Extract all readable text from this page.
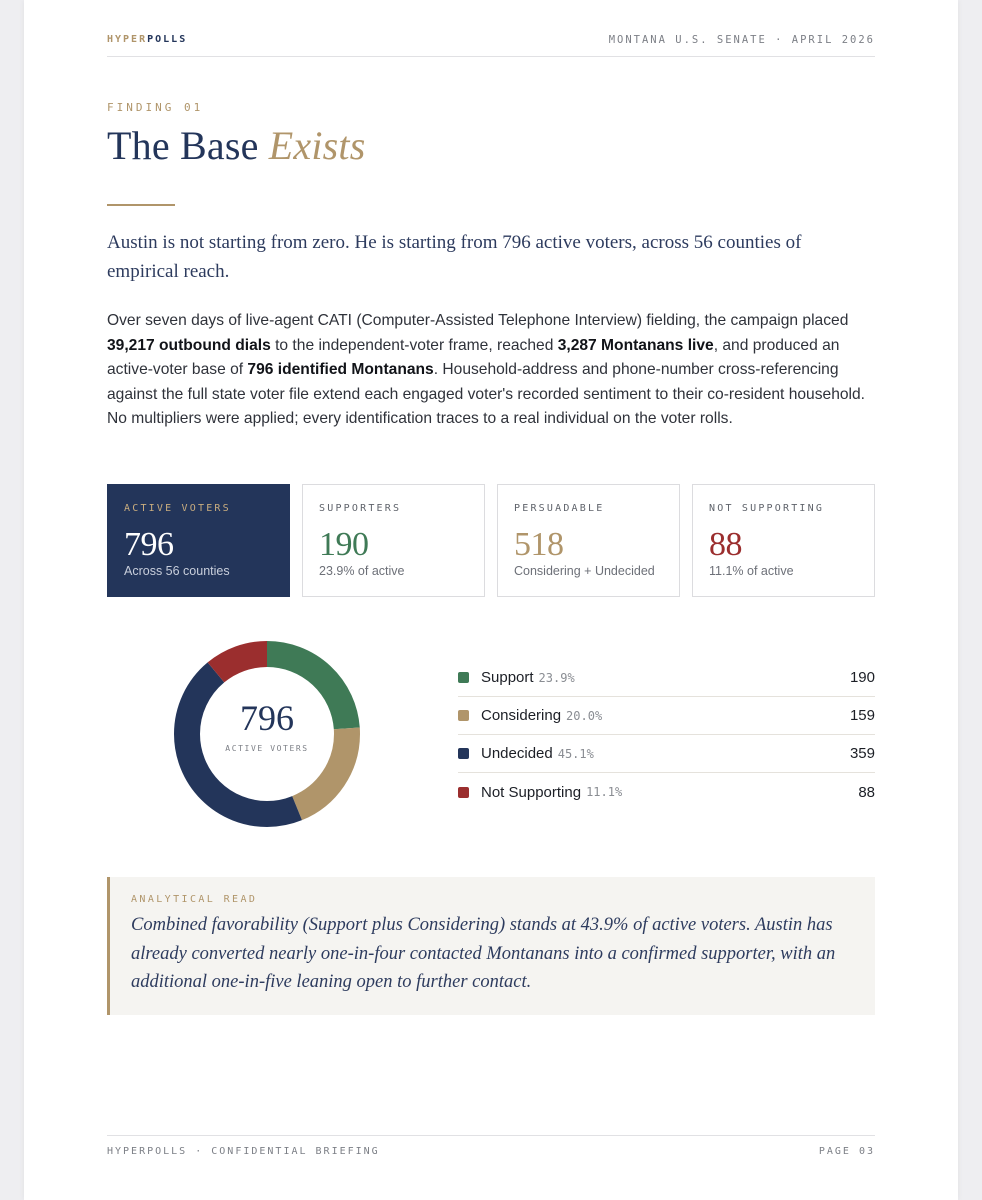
HYPERPOLLS	MONTANA U.S. SENATE · APRIL 2026
FINDING 01
The Base Exists

Austin is not starting from zero. He is starting from 796 active voters, across 56 counties of empirical reach.

Over seven days of live-agent CATI (Computer-Assisted Telephone Interview) fielding, the campaign placed 39,217 outbound dials to the independent-voter frame, reached 3,287 Montanans live, and produced an active-voter base of 796 identified Montanans. Household-address and phone-number cross-referencing against the full state voter file extend each engaged voter's recorded sentiment to their co-resident household. No multipliers were applied; every identification traces to a real individual on the voter rolls.

ACTIVE VOTERS
796
Across 56 counties
SUPPORTERS
190
23.9% of active
PERSUADABLE
518
Considering + Undecided
NOT SUPPORTING
88
11.1% of active
796
ACTIVE VOTERS
Support 23.9%	190
Considering 20.0%	159
Undecided 45.1%	359
Not Supporting 11.1%	88
ANALYTICAL READ

Combined favorability (Support plus Considering) stands at 43.9% of active voters. Austin has already converted nearly one-in-four contacted Montanans into a confirmed supporter, with an additional one-in-five leaning open to further contact.

HYPERPOLLS · CONFIDENTIAL BRIEFING	PAGE 03
